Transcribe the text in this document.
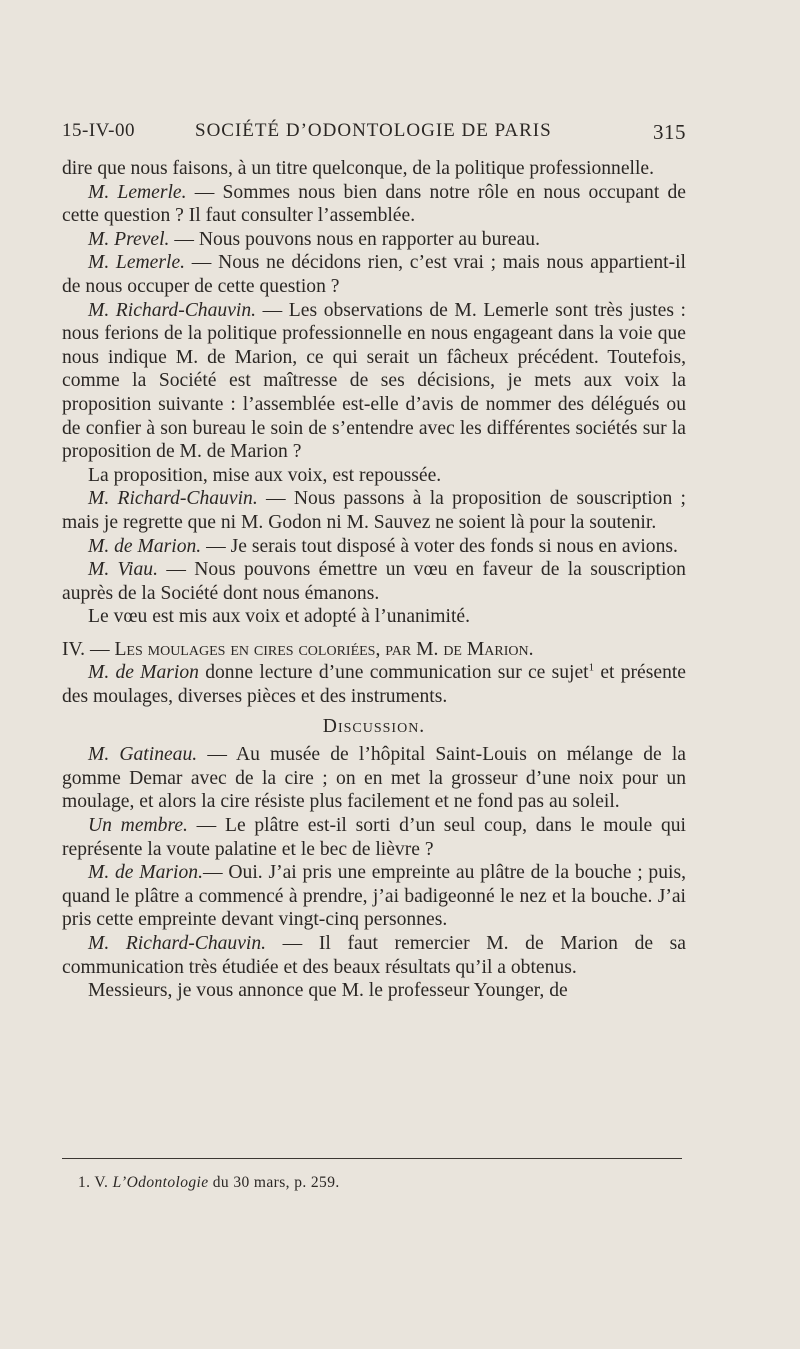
15-IV-00	SOCIÉTÉ D’ODONTOLOGIE DE PARIS	315

dire que nous faisons, à un titre quelconque, de la politique professionnelle.

M. Lemerle. — Sommes nous bien dans notre rôle en nous occupant de cette question ? Il faut consulter l’assemblée.

M. Prevel. — Nous pouvons nous en rapporter au bureau.

M. Lemerle. — Nous ne décidons rien, c’est vrai ; mais nous appartient-il de nous occuper de cette question ?

M. Richard-Chauvin. — Les observations de M. Lemerle sont très justes : nous ferions de la politique professionnelle en nous engageant dans la voie que nous indique M. de Marion, ce qui serait un fâcheux précédent. Toutefois, comme la Société est maîtresse de ses décisions, je mets aux voix la proposition suivante : l’assemblée est-elle d’avis de nommer des délégués ou de confier à son bureau le soin de s’entendre avec les différentes sociétés sur la proposition de M. de Marion ?

La proposition, mise aux voix, est repoussée.

M. Richard-Chauvin. — Nous passons à la proposition de souscription ; mais je regrette que ni M. Godon ni M. Sauvez ne soient là pour la soutenir.

M. de Marion. — Je serais tout disposé à voter des fonds si nous en avions.

M. Viau. — Nous pouvons émettre un vœu en faveur de la souscription auprès de la Société dont nous émanons.

Le vœu est mis aux voix et adopté à l’unanimité.

IV. — Les moulages en cires coloriées, par M. de Marion.

M. de Marion donne lecture d’une communication sur ce sujet$^1$ et présente des moulages, diverses pièces et des instruments.

Discussion.

M. Gatineau. — Au musée de l’hôpital Saint-Louis on mélange de la gomme Demar avec de la cire ; on en met la grosseur d’une noix pour un moulage, et alors la cire résiste plus facilement et ne fond pas au soleil.

Un membre. — Le plâtre est-il sorti d’un seul coup, dans le moule qui représente la voute palatine et le bec de lièvre ?

M. de Marion.— Oui. J’ai pris une empreinte au plâtre de la bouche ; puis, quand le plâtre a commencé à prendre, j’ai badigeonné le nez et la bouche. J’ai pris cette empreinte devant vingt-cinq personnes.

M. Richard-Chauvin. — Il faut remercier M. de Marion de sa communication très étudiée et des beaux résultats qu’il a obtenus.

Messieurs, je vous annonce que M. le professeur Younger, de

1. V. L’Odontologie du 30 mars, p. 259.
